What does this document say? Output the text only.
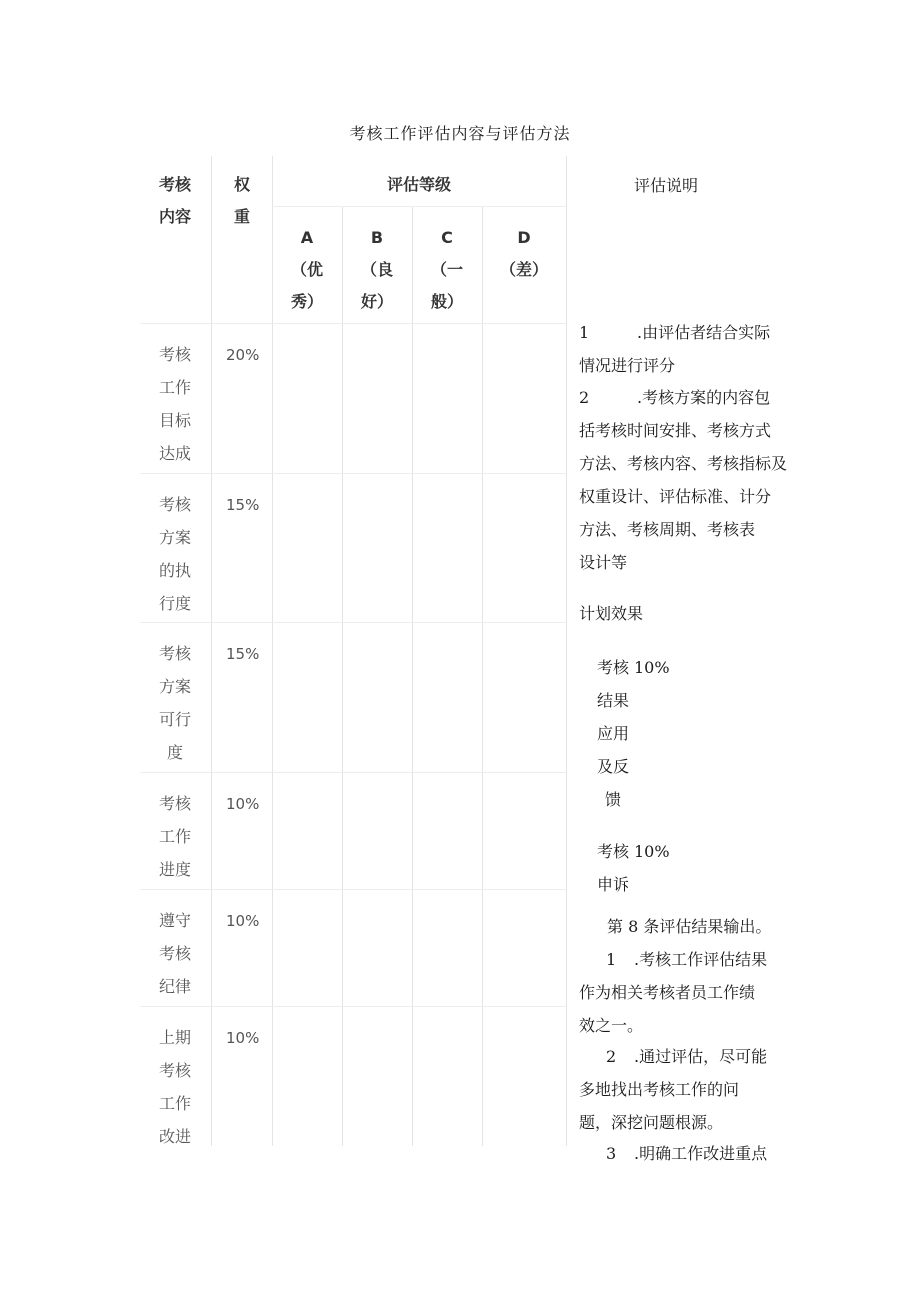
考核工作评估内容与评估方法
考核
内容
权
重
评估等级
A
（优
秀）
B
（良
好）
C
（一
般）
D
（差）
考核
工作
目标
达成
20%
考核
方案
的执
行度
15%
考核
方案
可行
度
15%
考核
工作
进度
10%
遵守
考核
纪律
10%
上期
考核
工作
改进
10%
评估说明

1	.由评估者结合实际

情况进行评分

2	.考核方案的内容包

括考核时间安排、考核方式

方法、考核内容、考核指标及

权重设计、评估标准、计分

方法、考核周期、考核表

设计等

计划效果

考核

结果

应用

及反

馈

10%

考核

申诉

10%
第 8 条评估结果输出。

1 .考核工作评估结果

作为相关考核者员工作绩

效之一。

2 .通过评估，尽可能

多地找出考核工作的问

题，深挖问题根源。

3 .明确工作改进重点
